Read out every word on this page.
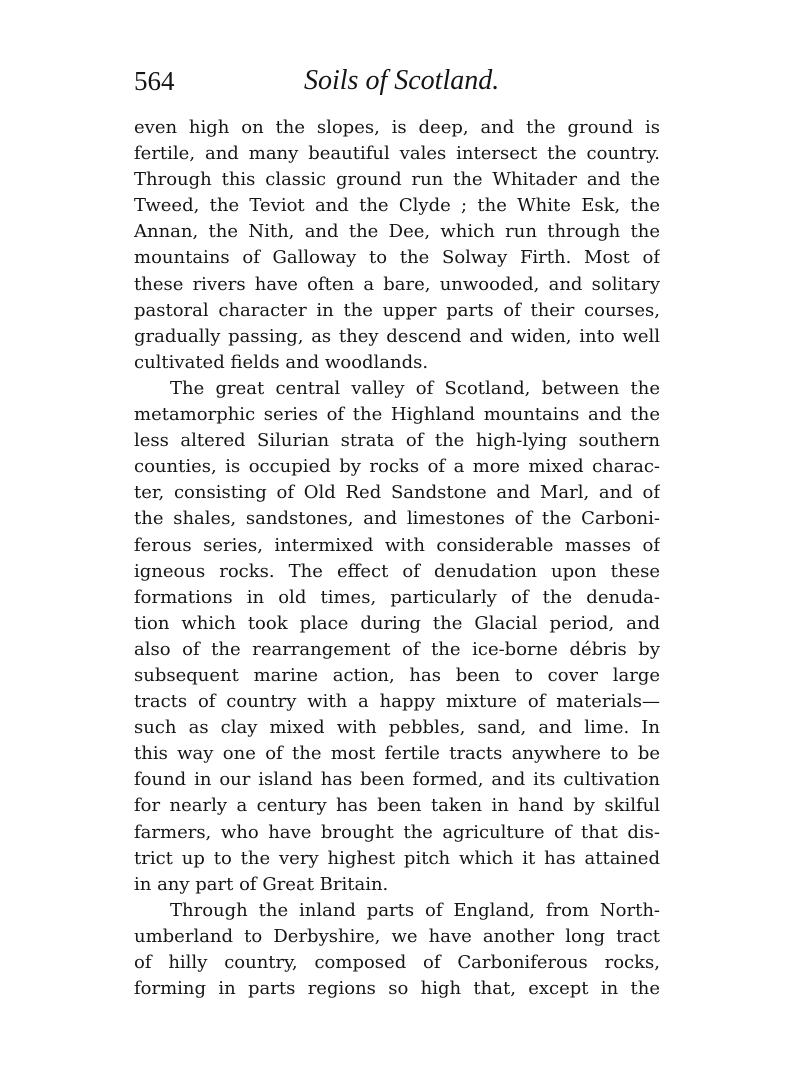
564	Soils of Scotland.
even high on the slopes, is deep, and the ground is
fertile, and many beautiful vales intersect the country.
Through this classic ground run the Whitader and the
Tweed, the Teviot and the Clyde ; the White Esk, the
Annan, the Nith, and the Dee, which run through the
mountains of Galloway to the Solway Firth. Most of
these rivers have often a bare, unwooded, and solitary
pastoral character in the upper parts of their courses,
gradually passing, as they descend and widen, into well
cultivated fields and woodlands.
The great central valley of Scotland, between the
metamorphic series of the Highland mountains and the
less altered Silurian strata of the high-lying southern
counties, is occupied by rocks of a more mixed charac-
ter, consisting of Old Red Sandstone and Marl, and of
the shales, sandstones, and limestones of the Carboni-
ferous series, intermixed with considerable masses of
igneous rocks. The effect of denudation upon these
formations in old times, particularly of the denuda-
tion which took place during the Glacial period, and
also of the rearrangement of the ice-borne débris by
subsequent marine action, has been to cover large
tracts of country with a happy mixture of materials—
such as clay mixed with pebbles, sand, and lime. In
this way one of the most fertile tracts anywhere to be
found in our island has been formed, and its cultivation
for nearly a century has been taken in hand by skilful
farmers, who have brought the agriculture of that dis-
trict up to the very highest pitch which it has attained
in any part of Great Britain.
Through the inland parts of England, from North-
umberland to Derbyshire, we have another long tract
of hilly country, composed of Carboniferous rocks,
forming in parts regions so high that, except in the
